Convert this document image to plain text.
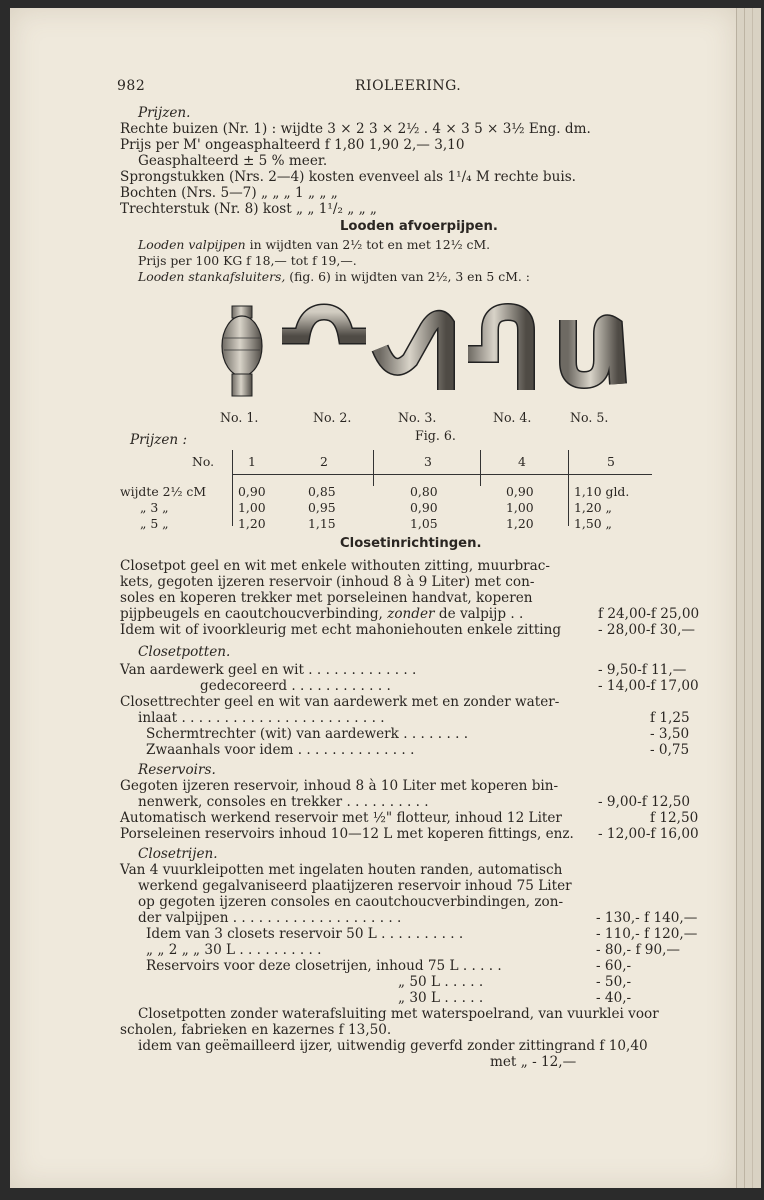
982	RIOLEERING.
Prijzen.
Rechte buizen (Nr. 1) : wijdte 3 × 2 3 × 2½ . 4 × 3 5 × 3½ Eng. dm.
Prijs per M' ongeasphalteerd f 1,80 1,90 2,— 3,10
Geasphalteerd ± 5 % meer.
Sprongstukken (Nrs. 2—4) kosten evenveel als 1¹/₄ M rechte buis.
Bochten (Nrs. 5—7) „ „ „ 1 „ „ „
Trechterstuk (Nr. 8) kost „ „ 1¹/₂ „ „ „
Looden afvoerpijpen.
Looden valpijpen in wijdten van 2½ tot en met 12½ cM.
Prijs per 100 KG f 18,— tot f 19,—.
Looden stankafsluiters, (fig. 6) in wijdten van 2½, 3 en 5 cM. :
No. 1.	No. 2.	No. 3.	No. 4.	No. 5.
Prijzen :	Fig. 6.
No.	1	2	3	4	5
wijdte 2½ cM	0,90	0,85	0,80	0,90	1,10 gld.
„ 3 „	1,00	0,95	0,90	1,00	1,20 „
„ 5 „	1,20	1,15	1,05	1,20	1,50 „
Closetinrichtingen.
Closetpot geel en wit met enkele withouten zitting, muurbrac-
kets, gegoten ijzeren reservoir (inhoud 8 à 9 Liter) met con-
soles en koperen trekker met porseleinen handvat, koperen
pijpbeugels en caoutchoucverbinding, zonder de valpijp . .	f 24,00-f 25,00
Idem wit of ivoorkleurig met echt mahoniehouten enkele zitting	- 28,00-f 30,—
Closetpotten.
Van aardewerk geel en wit . . . . . . . . . . . . .	- 9,50-f 11,—
gedecoreerd . . . . . . . . . . . .	- 14,00-f 17,00
Closettrechter geel en wit van aardewerk met en zonder water-
inlaat . . . . . . . . . . . . . . . . . . . . . . . .	f 1,25
Schermtrechter (wit) van aardewerk . . . . . . . .	- 3,50
Zwaanhals voor idem . . . . . . . . . . . . . .	- 0,75
Reservoirs.
Gegoten ijzeren reservoir, inhoud 8 à 10 Liter met koperen bin-
nenwerk, consoles en trekker . . . . . . . . . .	- 9,00-f 12,50
Automatisch werkend reservoir met ½" flotteur, inhoud 12 Liter	f 12,50
Porseleinen reservoirs inhoud 10—12 L met koperen fittings, enz. - 12,00-f 16,00
Closetrijen.
Van 4 vuurkleipotten met ingelaten houten randen, automatisch
werkend gegalvaniseerd plaatijzeren reservoir inhoud 75 Liter
op gegoten ijzeren consoles en caoutchoucverbindingen, zon-
der valpijpen . . . . . . . . . . . . . . . . . . . .	- 130,- f 140,—
Idem van 3 closets reservoir 50 L . . . . . . . . . .	- 110,- f 120,—
„ „ 2 „ „ 30 L . . . . . . . . . .	- 80,- f 90,—
Reservoirs voor deze closetrijen, inhoud 75 L . . . . .	- 60,-
„ 50 L . . . . .	- 50,-
„ 30 L . . . . .	- 40,-
Closetpotten zonder waterafsluiting met waterspoelrand, van vuurklei voor
scholen, fabrieken en kazernes f 13,50.
idem van geëmailleerd ijzer, uitwendig geverfd zonder zittingrand f 10,40
met „ - 12,—
